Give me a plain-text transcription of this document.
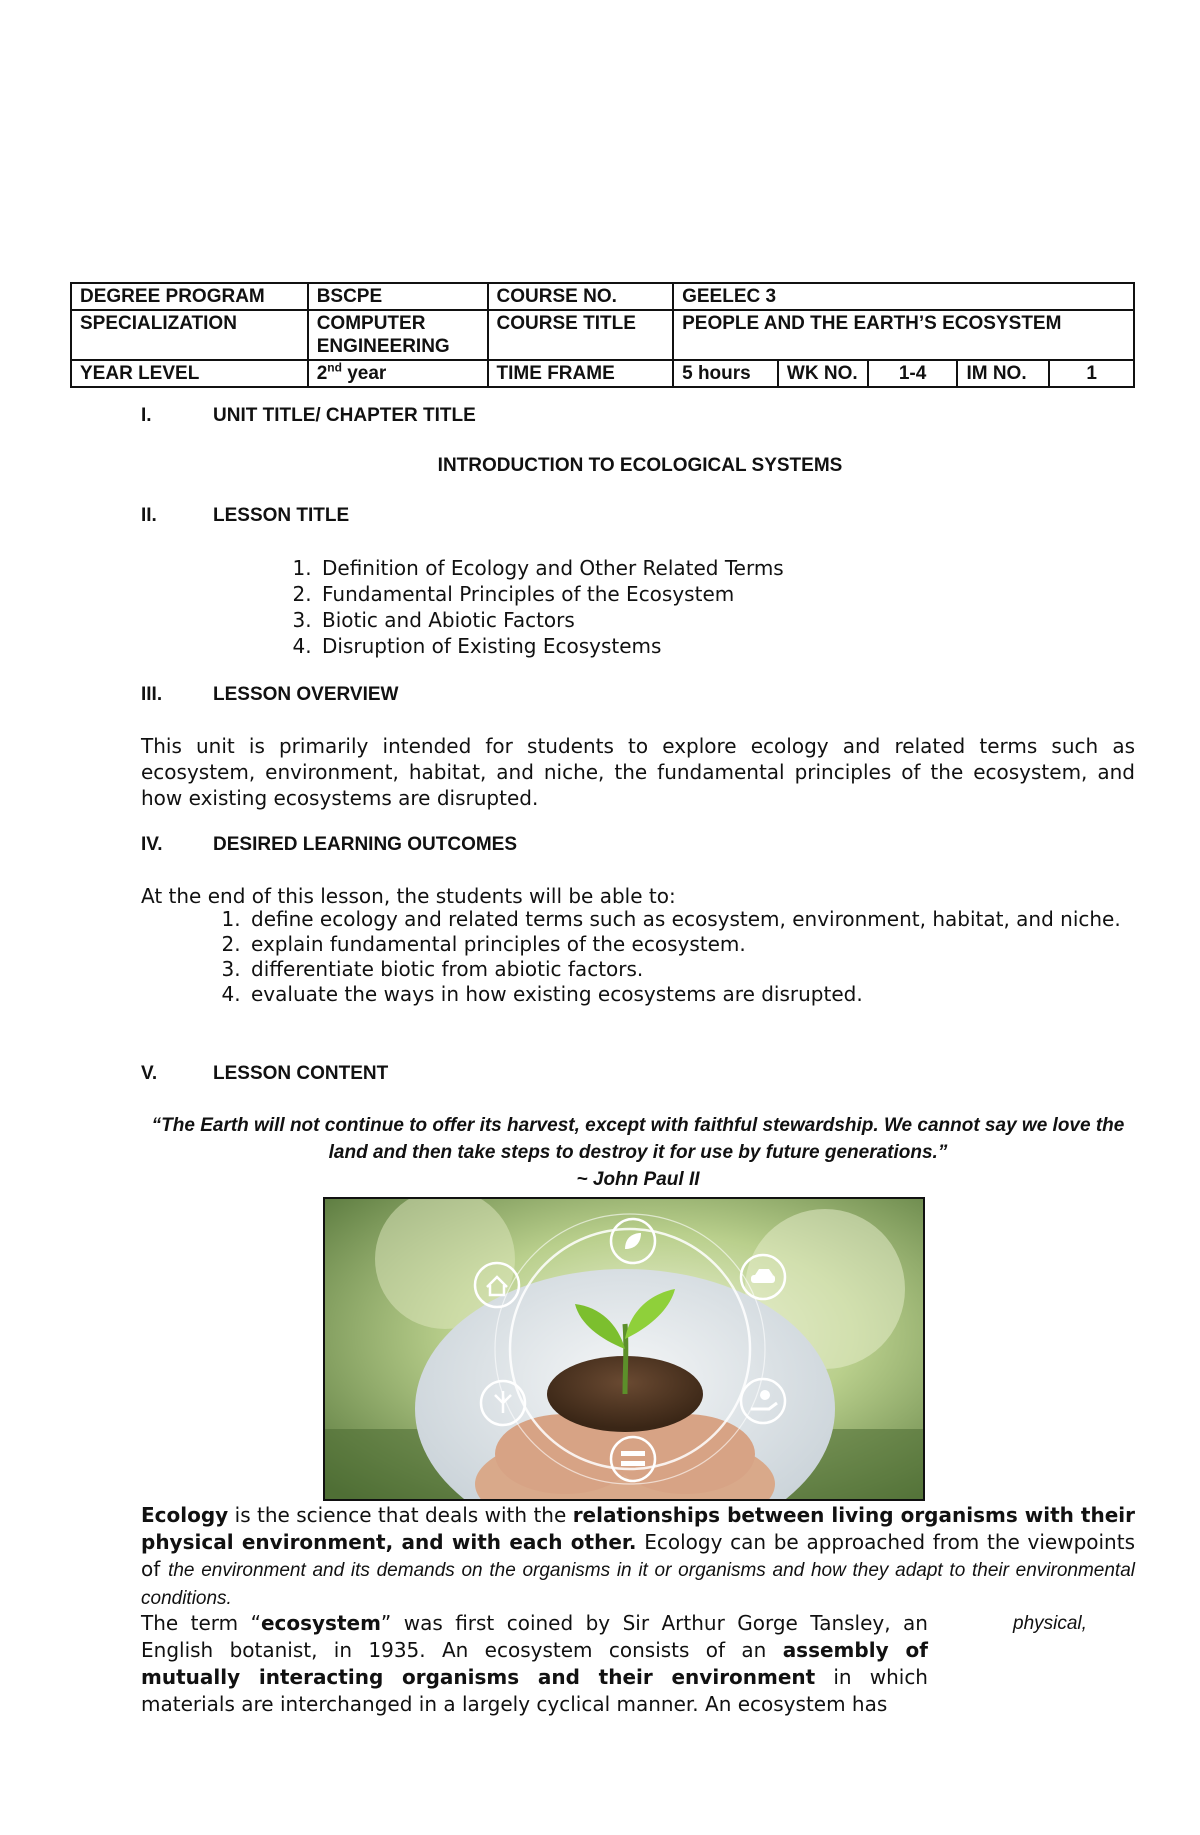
DEGREE PROGRAM	BSCPE	COURSE NO.	GEELEC 3				
SPECIALIZATION	COMPUTER ENGINEERING	COURSE TITLE	PEOPLE AND THE EARTH’S ECOSYSTEM				
YEAR LEVEL	2nd year	TIME FRAME	5 hours	WK NO.	1-4	IM NO.	1
I.	UNIT TITLE/ CHAPTER TITLE
INTRODUCTION TO ECOLOGICAL SYSTEMS
II.	LESSON TITLE
1. Definition of Ecology and Other Related Terms
2. Fundamental Principles of the Ecosystem
3. Biotic and Abiotic Factors
4. Disruption of Existing Ecosystems
III.	LESSON OVERVIEW
This unit is primarily intended for students to explore ecology and related terms such as ecosystem, environment, habitat, and niche, the fundamental principles of the ecosystem, and how existing ecosystems are disrupted.
IV.	DESIRED LEARNING OUTCOMES
At the end of this lesson, the students will be able to:
1. define ecology and related terms such as ecosystem, environment, habitat, and niche.
2. explain fundamental principles of the ecosystem.
3. differentiate biotic from abiotic factors.
4. evaluate the ways in how existing ecosystems are disrupted.
V.	LESSON CONTENT
“The Earth will not continue to offer its harvest, except with faithful stewardship. We cannot say we love the land and then take steps to destroy it for use by future generations.”
~ John Paul II
Ecology is the science that deals with the relationships between living organisms with their physical environment, and with each other. Ecology can be approached from the viewpoints of the environment and its demands on the organisms in it or organisms and how they adapt to their environmental conditions.
The term “ecosystem” was first coined by Sir Arthur Gorge Tansley, an English botanist, in 1935. An ecosystem consists of an assembly of mutually interacting organisms and their environment in which materials are interchanged in a largely cyclical manner. An ecosystem has
physical,
